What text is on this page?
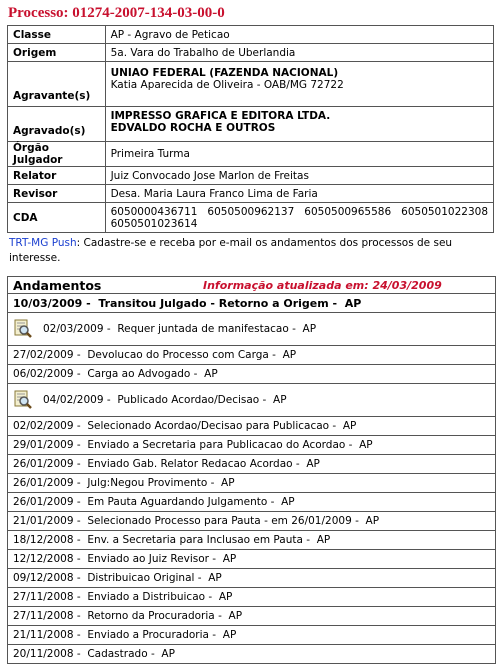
Processo: 01274-2007-134-03-00-0
Classe	AP - Agravo de Peticao
Origem	5a. Vara do Trabalho de Uberlandia
Agravante(s)	UNIAO FEDERAL (FAZENDA NACIONAL)
Katia Aparecida de Oliveira - OAB/MG 72722

Agravado(s)	IMPRESSO GRAFICA E EDITORA LTDA.
EDVALDO ROCHA E OUTROS

Órgão Julgador	Primeira Turma
Relator	Juiz Convocado Jose Marlon de Freitas
Revisor	Desa. Maria Laura Franco Lima de Faria
CDA	6050000436711   6050500962137   6050500965586   6050501022308
6050501023614
TRT-MG Push: Cadastre-se e receba por e-mail os andamentos dos processos de seu interesse.
Andamentos	Informação atualizada em: 24/03/2009
10/03/2009 -  Transitou Julgado - Retorno a Origem -  AP
02/03/2009 -  Requer juntada de manifestacao -  AP
27/02/2009 -  Devolucao do Processo com Carga -  AP
06/02/2009 -  Carga ao Advogado -  AP
04/02/2009 -  Publicado Acordao/Decisao -  AP
02/02/2009 -  Selecionado Acordao/Decisao para Publicacao -  AP
29/01/2009 -  Enviado a Secretaria para Publicacao do Acordao -  AP
26/01/2009 -  Enviado Gab. Relator Redacao Acordao -  AP
26/01/2009 -  Julg:Negou Provimento -  AP
26/01/2009 -  Em Pauta Aguardando Julgamento -  AP
21/01/2009 -  Selecionado Processo para Pauta - em 26/01/2009 -  AP
18/12/2008 -  Env. a Secretaria para Inclusao em Pauta -  AP
12/12/2008 -  Enviado ao Juiz Revisor -  AP
09/12/2008 -  Distribuicao Original -  AP
27/11/2008 -  Enviado a Distribuicao -  AP
27/11/2008 -  Retorno da Procuradoria -  AP
21/11/2008 -  Enviado a Procuradoria -  AP
20/11/2008 -  Cadastrado -  AP
